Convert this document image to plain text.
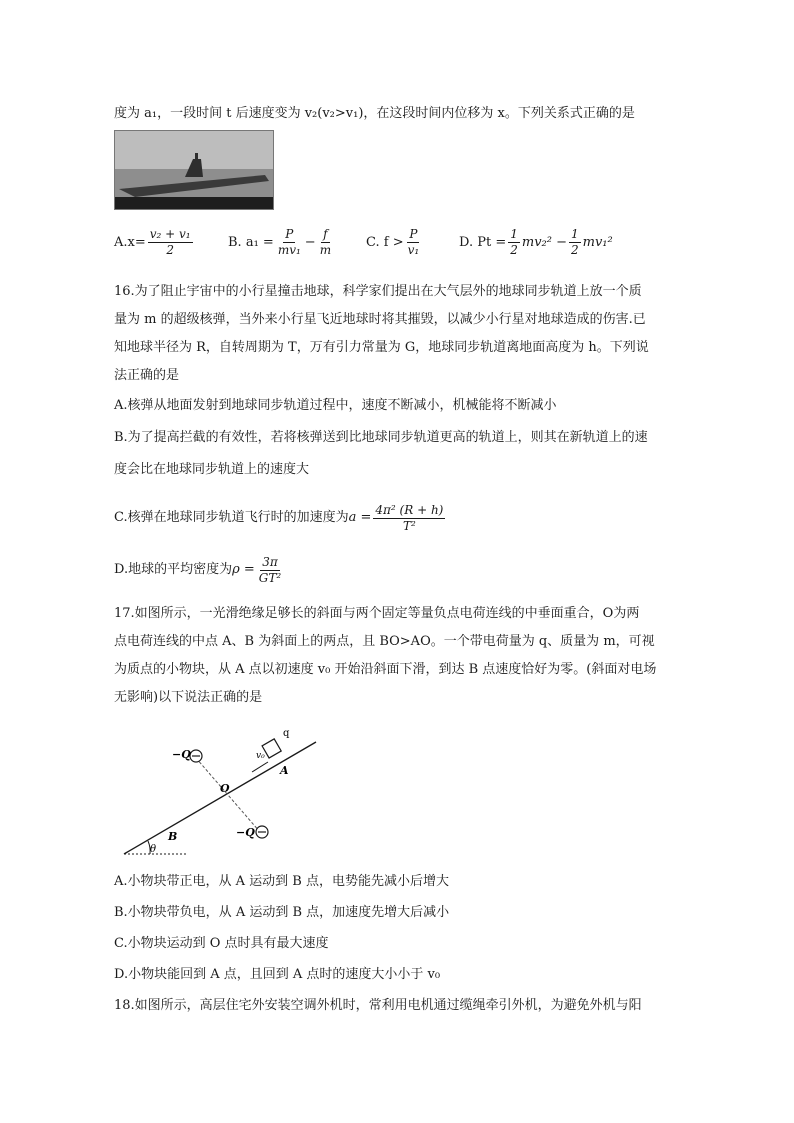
度为 a₁，一段时间 t 后速度变为 v₂(v₂>v₁)，在这段时间内位移为 x。下列关系式正确的是
$A.x= \frac{\text{v₂ + v₁}}{2}$	B. $a_1 = \frac{P}{\text{mv₁}} - \frac{f}{m}$	C. $f > \frac{P}{\text{v₁}}$	D. $Pt = \frac{1}{2} mv_2^2 - \frac{1}{2} mv_1^2$
16.为了阻止宇宙中的小行星撞击地球，科学家们提出在大气层外的地球同步轨道上放一个质
量为 m 的超级核弹，当外来小行星飞近地球时将其摧毁，以减少小行星对地球造成的伤害.已
知地球半径为 R，自转周期为 T，万有引力常量为 G，地球同步轨道离地面高度为 h。下列说
法正确的是
A.核弹从地面发射到地球同步轨道过程中，速度不断减小，机械能将不断减小
B.为了提高拦截的有效性，若将核弹送到比地球同步轨道更高的轨道上，则其在新轨道上的速
度会比在地球同步轨道上的速度大
C.核弹在地球同步轨道飞行时的加速度为 $a = \frac{\text{4π² (R + h)}}{\text{T²}}$
D.地球的平均密度为 $\rho = \frac{3\pi}{\text{GT²}}$
17.如图所示，一光滑绝缘足够长的斜面与两个固定等量负点电荷连线的中垂面重合，O为两
点电荷连线的中点 A、B 为斜面上的两点，且 BO>AO。一个带电荷量为 q、质量为 m，可视
为质点的小物块，从 A 点以初速度 v₀ 开始沿斜面下滑，到达 B 点速度恰好为零。(斜面对电场
无影响)以下说法正确的是
−Q
−Q
q
v₀
A
O
B
θ
A.小物块带正电，从 A 运动到 B 点，电势能先减小后增大
B.小物块带负电，从 A 运动到 B 点，加速度先增大后减小
C.小物块运动到 O 点时具有最大速度
D.小物块能回到 A 点，且回到 A 点时的速度大小小于 v₀
18.如图所示，高层住宅外安装空调外机时，常利用电机通过缆绳牵引外机，为避免外机与阳
